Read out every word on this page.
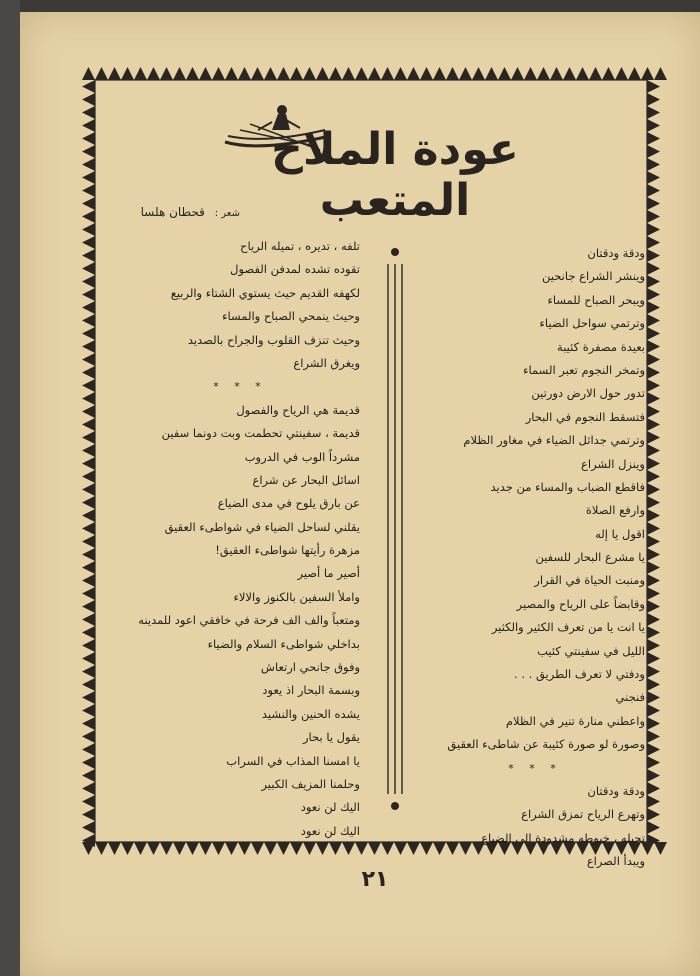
عودة الملاح المتعب
شعر : قحطان هلسا
ودقة ودقتان
وينشر الشراع جانحين
ويبحر الصباح للمساء
وترتمي سواحل الضياء
بعيدة مصفرة كئيبة
وتمخر النجوم تعبر السماء
تدور حول الارض دورتين
فتسقط النجوم في البحار
وترتمي جداثل الضياء في مغاور الظلام
وينزل الشراع
فاقطع الضباب والمساء من جديد
وارفع الصلاة
اقول يا إله
يا مشرع البحار للسفين
ومنبت الحياة في القرار
وقابضاً على الرياح والمصير
يا انت يا من تعرف الكثير والكثير
الليل في سفينتي كئيب
ودفتي لا تعرف الطريق . . .
فنجني
واعطني منارة تنير في الظلام
وصورة لو صورة كئيبة عن شاطىء العقيق
* * *
ودقة ودقتان
وتهرع الرياح تمزق الشراع
تحيله ، خيوطه مشدودة الى الضياع
ويبدأ الصراع
تلفه ، تديره ، تميله الرياح
تقوده تشده لمدفن الفصول
لكهفه القديم حيث يستوي الشتاء والربيع
وحيث ينمحي الصباح والمساء
وحيث تنزف القلوب والجراح بالصديد
ويغرق الشراع
* * *
قديمة هي الرياح والفصول
قديمة ، سفينتي تحطمت وبت دونما سفين
مشرداً الوب في الدروب
اسائل البحار عن شراع
عن بارق يلوح في مدى الضياع
يقلني لساحل الضياء في شواطىء العقيق
مزهرة رأيتها شواطىء العقيق!
أصير ما أصير
واملأ السفين بالكنوز والالاء
ومتعباً والف الف فرحة في خافقي اعود للمدينه
بداخلي شواطىء السلام والضياء
وفوق جانحي ارتعاش
وبسمة البحار اذ يعود
يشده الحنين والنشيد
يقول يا بحار
يا امسنا المذاب في السراب
وحلمنا المزيف الكبير
اليك لن نعود
اليك لن نعود
٢١
